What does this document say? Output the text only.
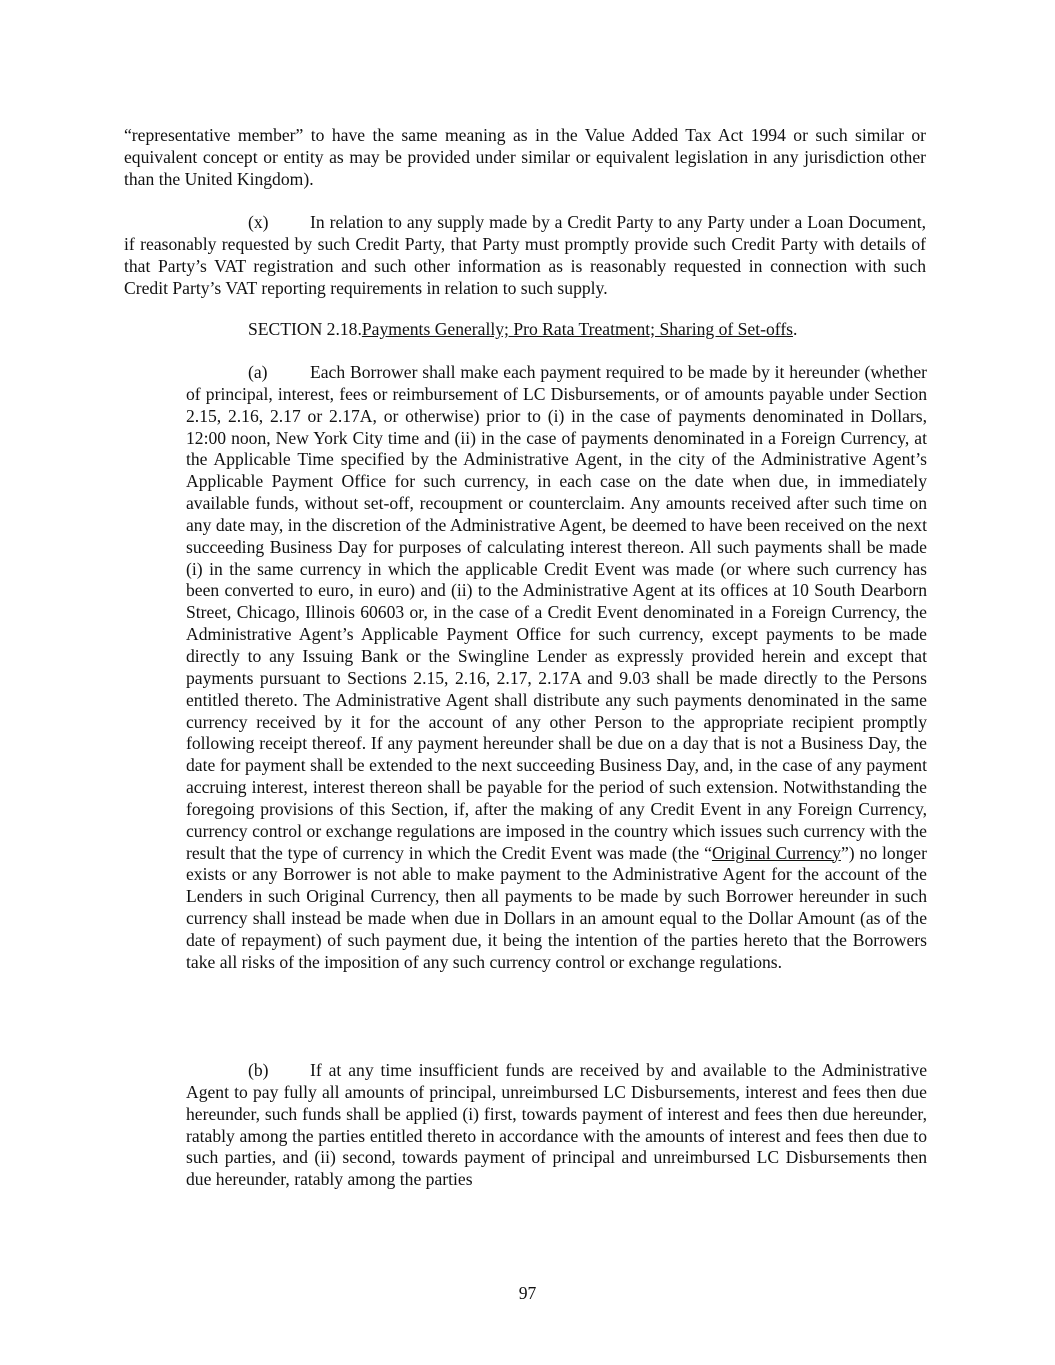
“representative member” to have the same meaning as in the Value Added Tax Act 1994 or such similar or equivalent concept or entity as may be provided under similar or equivalent legislation in any jurisdiction other than the United Kingdom).

(x) In relation to any supply made by a Credit Party to any Party under a Loan Document, if reasonably requested by such Credit Party, that Party must promptly provide such Credit Party with details of that Party’s VAT registration and such other information as is reasonably requested in connection with such Credit Party’s VAT reporting requirements in relation to such supply.

SECTION 2.18.Payments Generally; Pro Rata Treatment; Sharing of Set-offs.

(a) Each Borrower shall make each payment required to be made by it hereunder (whether of principal, interest, fees or reimbursement of LC Disbursements, or of amounts payable under Section 2.15, 2.16, 2.17 or 2.17A, or otherwise) prior to (i) in the case of payments denominated in Dollars, 12:00 noon, New York City time and (ii) in the case of payments denominated in a Foreign Currency, at the Applicable Time specified by the Administrative Agent, in the city of the Administrative Agent’s Applicable Payment Office for such currency, in each case on the date when due, in immediately available funds, without set-off, recoupment or counterclaim. Any amounts received after such time on any date may, in the discretion of the Administrative Agent, be deemed to have been received on the next succeeding Business Day for purposes of calculating interest thereon. All such payments shall be made (i) in the same currency in which the applicable Credit Event was made (or where such currency has been converted to euro, in euro) and (ii) to the Administrative Agent at its offices at 10 South Dearborn Street, Chicago, Illinois 60603 or, in the case of a Credit Event denominated in a Foreign Currency, the Administrative Agent’s Applicable Payment Office for such currency, except payments to be made directly to any Issuing Bank or the Swingline Lender as expressly provided herein and except that payments pursuant to Sections 2.15, 2.16, 2.17, 2.17A and 9.03 shall be made directly to the Persons entitled thereto. The Administrative Agent shall distribute any such payments denominated in the same currency received by it for the account of any other Person to the appropriate recipient promptly following receipt thereof. If any payment hereunder shall be due on a day that is not a Business Day, the date for payment shall be extended to the next succeeding Business Day, and, in the case of any payment accruing interest, interest thereon shall be payable for the period of such extension. Notwithstanding the foregoing provisions of this Section, if, after the making of any Credit Event in any Foreign Currency, currency control or exchange regulations are imposed in the country which issues such currency with the result that the type of currency in which the Credit Event was made (the “Original Currency”) no longer exists or any Borrower is not able to make payment to the Administrative Agent for the account of the Lenders in such Original Currency, then all payments to be made by such Borrower hereunder in such currency shall instead be made when due in Dollars in an amount equal to the Dollar Amount (as of the date of repayment) of such payment due, it being the intention of the parties hereto that the Borrowers take all risks of the imposition of any such currency control or exchange regulations.

(b) If at any time insufficient funds are received by and available to the Administrative Agent to pay fully all amounts of principal, unreimbursed LC Disbursements, interest and fees then due hereunder, such funds shall be applied (i) first, towards payment of interest and fees then due hereunder, ratably among the parties entitled thereto in accordance with the amounts of interest and fees then due to such parties, and (ii) second, towards payment of principal and unreimbursed LC Disbursements then due hereunder, ratably among the parties

97
